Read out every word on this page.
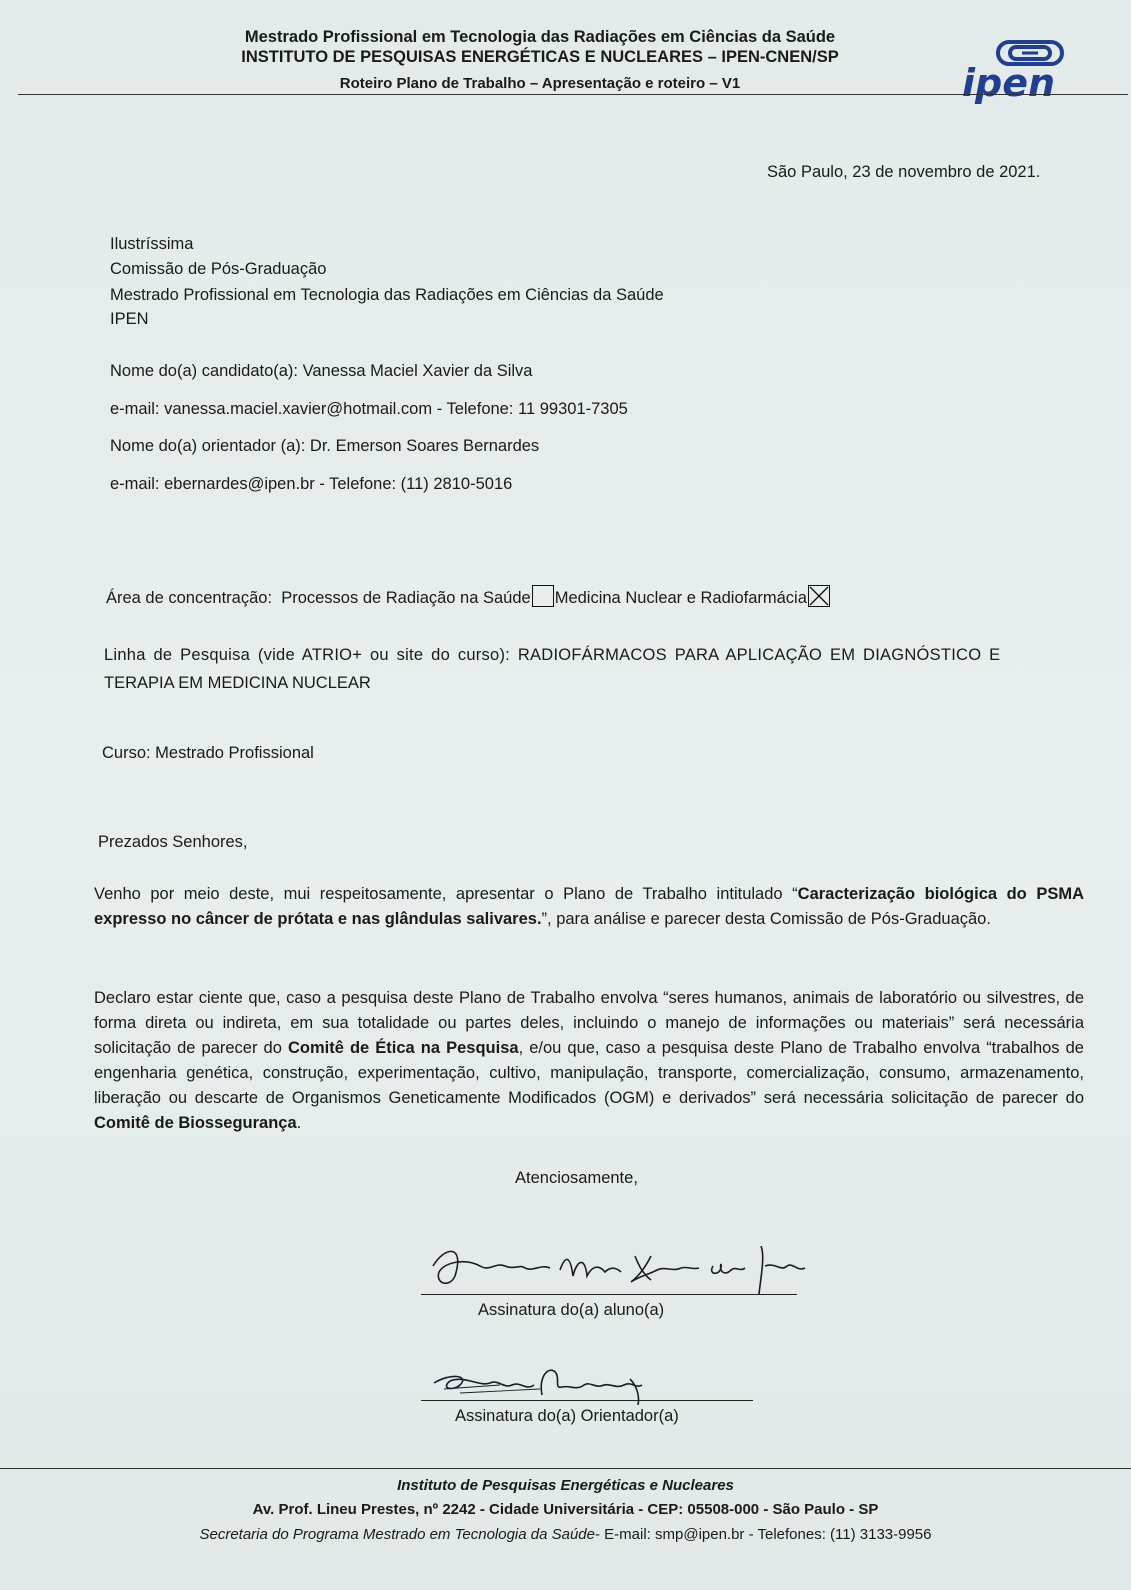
Mestrado Profissional em Tecnologia das Radiações em Ciências da Saúde
INSTITUTO DE PESQUISAS ENERGÉTICAS E NUCLEARES – IPEN-CNEN/SP
Roteiro Plano de Trabalho – Apresentação e roteiro – V1	ipen
São Paulo, 23 de novembro de 2021.
Ilustríssima
Comissão de Pós-Graduação
Mestrado Profissional em Tecnologia das Radiações em Ciências da Saúde
IPEN
Nome do(a) candidato(a): Vanessa Maciel Xavier da Silva
e-mail: vanessa.maciel.xavier@hotmail.com - Telefone: 11 99301-7305
Nome do(a) orientador (a): Dr. Emerson Soares Bernardes
e-mail: ebernardes@ipen.br - Telefone: (11) 2810-5016
Área de concentração: Processos de Radiação na Saúde Medicina Nuclear e Radiofarmácia
Linha de Pesquisa (vide ATRIO+ ou site do curso): RADIOFÁRMACOS PARA APLICAÇÃO EM DIAGNÓSTICO E
TERAPIA EM MEDICINA NUCLEAR
Curso: Mestrado Profissional
Prezados Senhores,
Venho por meio deste, mui respeitosamente, apresentar o Plano de Trabalho intitulado “Caracterização biológica do PSMA expresso no câncer de prótata e nas glândulas salivares.”, para análise e parecer desta Comissão de Pós-Graduação.
Declaro estar ciente que, caso a pesquisa deste Plano de Trabalho envolva “seres humanos, animais de laboratório ou silvestres, de forma direta ou indireta, em sua totalidade ou partes deles, incluindo o manejo de informações ou materiais” será necessária solicitação de parecer do Comitê de Ética na Pesquisa, e/ou que, caso a pesquisa deste Plano de Trabalho envolva “trabalhos de engenharia genética, construção, experimentação, cultivo, manipulação, transporte, comercialização, consumo, armazenamento, liberação ou descarte de Organismos Geneticamente Modificados (OGM) e derivados” será necessária solicitação de parecer do Comitê de Biossegurança.
Atenciosamente,
Assinatura do(a) aluno(a)
Assinatura do(a) Orientador(a)
Instituto de Pesquisas Energéticas e Nucleares
Av. Prof. Lineu Prestes, nº 2242 - Cidade Universitária - CEP: 05508-000 - São Paulo - SP
Secretaria do Programa Mestrado em Tecnologia da Saúde- E-mail: smp@ipen.br - Telefones: (11) 3133-9956
